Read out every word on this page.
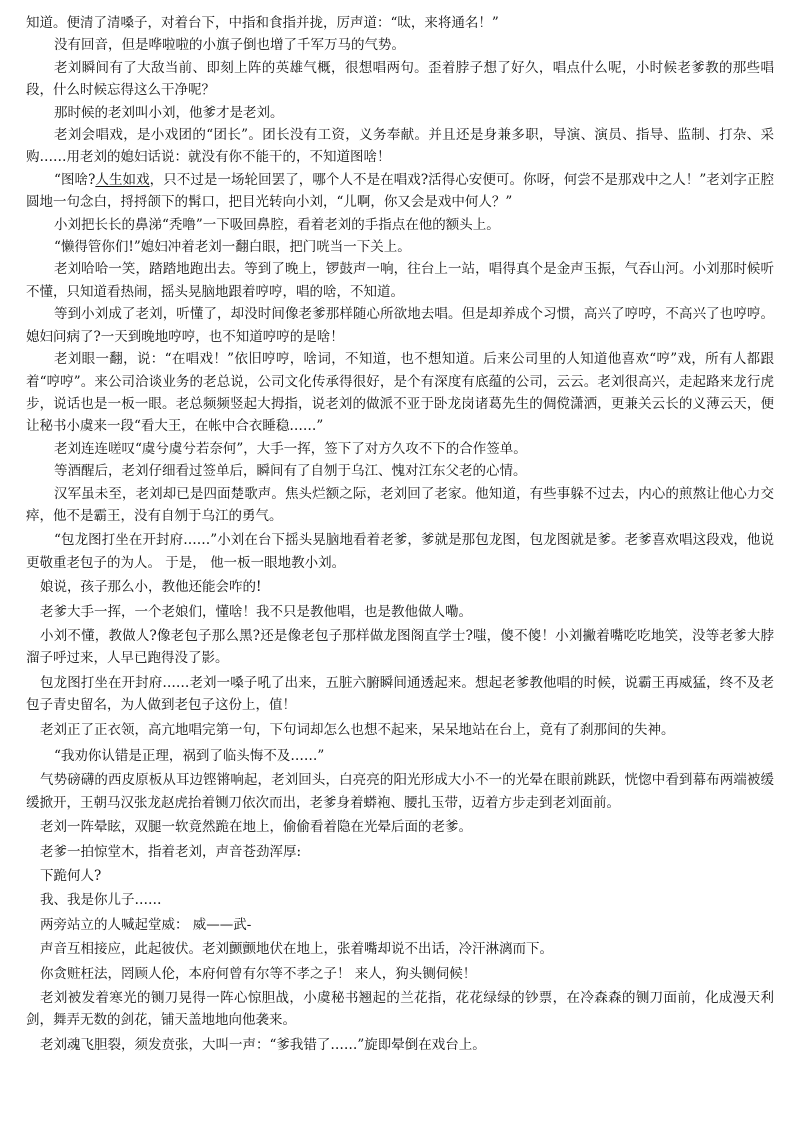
知道。便清了清嗓子，对着台下，中指和食指并拢，厉声道：“呔，来将通名！”

没有回音，但是哗啦啦的小旗子倒也增了千军万马的气势。

老刘瞬间有了大敌当前、即刻上阵的英雄气概，很想唱两句。歪着脖子想了好久，唱点什么呢，小时候老爹教的那些唱段，什么时候忘得这么干净呢？

那时候的老刘叫小刘，他爹才是老刘。

老刘会唱戏，是小戏团的“团长”。团长没有工资，义务奉献。并且还是身兼多职，导演、演员、指导、监制、打杂、采购……用老刘的媳妇话说：就没有你不能干的，不知道图啥！

“图啥?人生如戏，只不过是一场轮回罢了，哪个人不是在唱戏?活得心安便可。你呀，何尝不是那戏中之人！”老刘字正腔圆地一句念白，捋捋颌下的髯口，把目光转向小刘，“儿啊，你又会是戏中何人？”

小刘把长长的鼻涕“秃噜”一下吸回鼻腔，看着老刘的手指点在他的额头上。

“懒得管你们!”媳妇冲着老刘一翻白眼，把门咣当一下关上。

老刘哈哈一笑，踏踏地跑出去。等到了晚上，锣鼓声一响，往台上一站，唱得真个是金声玉振，气吞山河。小刘那时候听不懂，只知道看热闹，摇头晃脑地跟着哼哼，唱的啥，不知道。

等到小刘成了老刘，听懂了，却没时间像老爹那样随心所欲地去唱。但是却养成个习惯，高兴了哼哼，不高兴了也哼哼。媳妇问病了?一天到晚地哼哼，也不知道哼哼的是啥！

老刘眼一翻，说：“在唱戏！”依旧哼哼，啥词，不知道，也不想知道。后来公司里的人知道他喜欢“哼”戏，所有人都跟着“哼哼”。来公司洽谈业务的老总说，公司文化传承得很好，是个有深度有底蕴的公司，云云。老刘很高兴，走起路来龙行虎步，说话也是一板一眼。老总频频竖起大拇指，说老刘的做派不亚于卧龙岗诸葛先生的倜傥潇洒，更兼关云长的义薄云天，便让秘书小虞来一段“看大王，在帐中合衣睡稳……”

老刘连连嗟叹“虞兮虞兮若奈何”，大手一挥，签下了对方久攻不下的合作签单。

等酒醒后，老刘仔细看过签单后，瞬间有了自刎于乌江、愧对江东父老的心情。

汉军虽未至，老刘却已是四面楚歌声。焦头烂额之际，老刘回了老家。他知道，有些事躲不过去，内心的煎熬让他心力交瘁，他不是霸王，没有自刎于乌江的勇气。

“包龙图打坐在开封府……”小刘在台下摇头晃脑地看着老爹，爹就是那包龙图，包龙图就是爹。老爹喜欢唱这段戏，他说更敬重老包子的为人。 于是， 他一板一眼地教小刘。

娘说，孩子那么小，教他还能会咋的!

老爹大手一挥，一个老娘们，懂啥！我不只是教他唱，也是教他做人嘞。

小刘不懂，教做人?像老包子那么黑?还是像老包子那样做龙图阁直学士?嗤，傻不傻！小刘撇着嘴吃吃地笑，没等老爹大脖溜子呼过来，人早已跑得没了影。

包龙图打坐在开封府……老刘一嗓子吼了出来，五脏六腑瞬间通透起来。想起老爹教他唱的时候，说霸王再威猛，终不及老包子青史留名，为人做到老包子这份上，值！

老刘正了正衣领，高亢地唱完第一句，下句词却怎么也想不起来，呆呆地站在台上，竟有了刹那间的失神。

“我劝你认错是正理，祸到了临头悔不及……”

气势磅礴的西皮原板从耳边铿锵响起，老刘回头，白亮亮的阳光形成大小不一的光晕在眼前跳跃，恍惚中看到幕布两端被缓缓掀开，王朝马汉张龙赵虎抬着铡刀依次而出，老爹身着蟒袍、腰扎玉带，迈着方步走到老刘面前。

老刘一阵晕眩，双腿一软竟然跪在地上，偷偷看着隐在光晕后面的老爹。

老爹一拍惊堂木，指着老刘，声音苍劲浑厚:

下跪何人?

我、我是你儿子……

两旁站立的人喊起堂威： 威——武-

声音互相接应，此起彼伏。老刘颤颤地伏在地上，张着嘴却说不出话，冷汗淋漓而下。

你贪赃枉法，罔顾人伦，本府何曾有尔等不孝之子！ 来人，狗头铡伺候！

老刘被发着寒光的铡刀晃得一阵心惊胆战，小虞秘书翘起的兰花指，花花绿绿的钞票，在冷森森的铡刀面前，化成漫天利剑，舞弄无数的剑花，铺天盖地地向他袭来。

老刘魂飞胆裂，须发贲张，大叫一声：“爹我错了……”旋即晕倒在戏台上。
